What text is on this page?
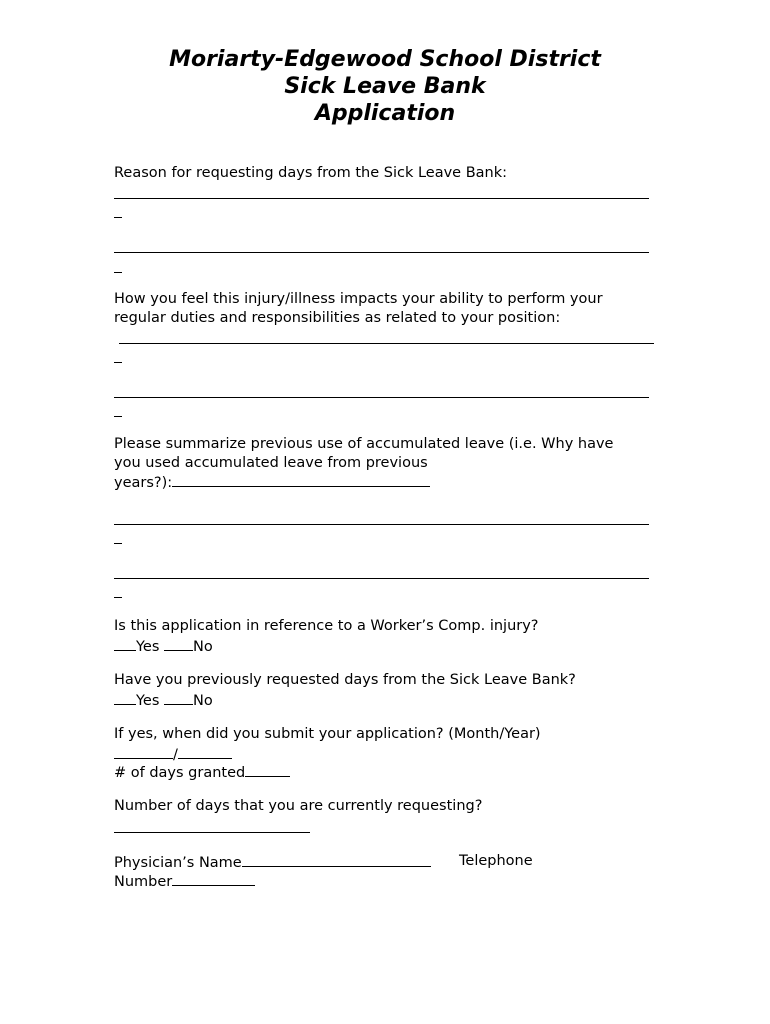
Moriarty-Edgewood School District
Sick Leave Bank
Application
Reason for requesting days from the Sick Leave Bank:
How you feel this injury/illness impacts your ability to perform your
regular duties and responsibilities as related to your position:
Please summarize previous use of accumulated leave (i.e. Why have
you used accumulated leave from previous
years?):
Is this application in reference to a Worker’s Comp. injury?
Yes No
Have you previously requested days from the Sick Leave Bank?
Yes No
If yes, when did you submit your application? (Month/Year)
/
# of days granted
Number of days that you are currently requesting?
Physician’s Name	Telephone
Number
